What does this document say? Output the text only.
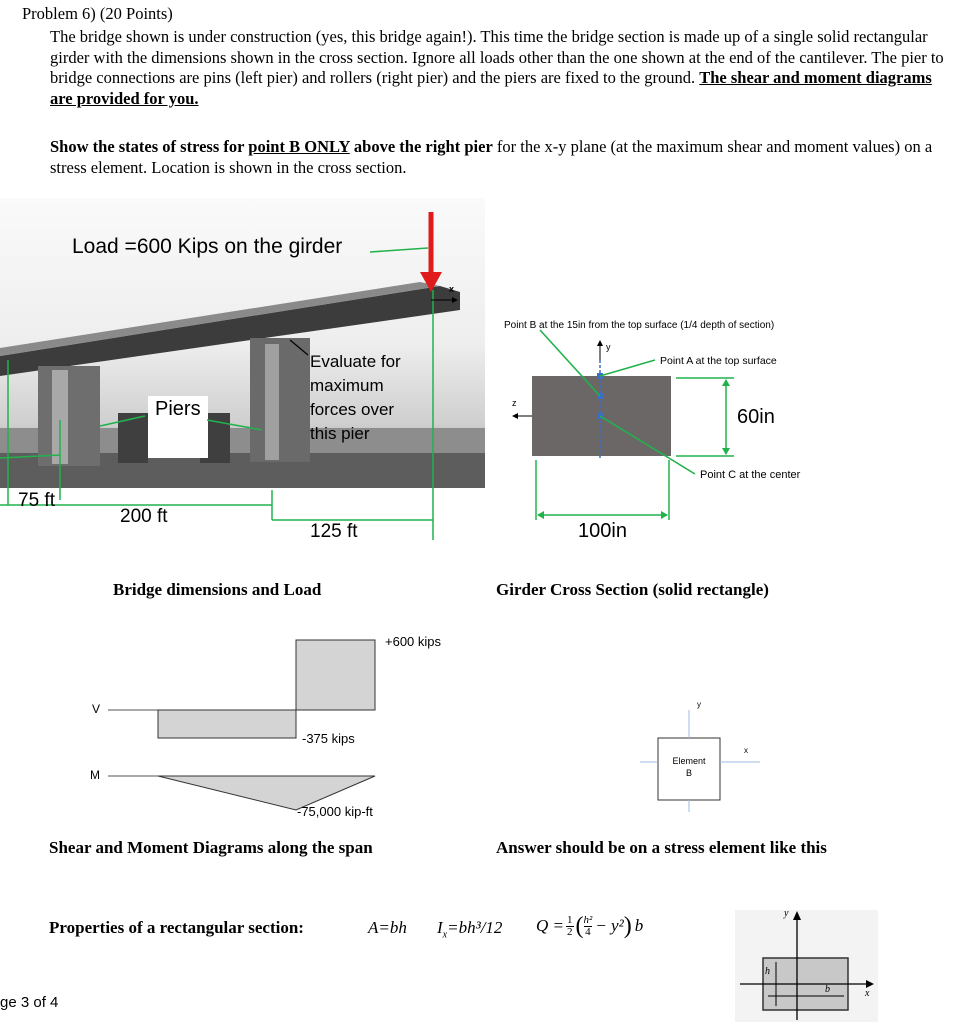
Problem 6) (20 Points)
The bridge shown is under construction (yes, this bridge again!). This time the bridge section is made up of a single solid rectangular girder with the dimensions shown in the cross section. Ignore all loads other than the one shown at the end of the cantilever. The pier to bridge connections are pins (left pier) and rollers (right pier) and the piers are fixed to the ground. The shear and moment diagrams are provided for you.
Show the states of stress for point B ONLY above the right pier for the x-y plane (at the maximum shear and moment values) on a stress element. Location is shown in the cross section.
Load =600 Kips on the girder
x
Evaluate for
maximum
forces over
this pier
Piers
75 ft
200 ft
125 ft
Bridge dimensions and Load
Point B at the 15in from the top surface (1/4 depth of section)
y
Point A at the top surface
z
60in
Point C at the center
100in
Girder Cross Section (solid rectangle)
+600 kips
V
-375 kips
M
-75,000 kip-ft
Shear and Moment Diagrams along the span
y
x
Element
B
Answer should be on a stress element like this
Properties of a rectangular section:	A=bh $I_x=bh^3/12$ $Q = \frac{1}{2}$ ( $\frac{\text{h²}}{4} - y^2$ ) b
y
h
b	x
ge 3 of 4
